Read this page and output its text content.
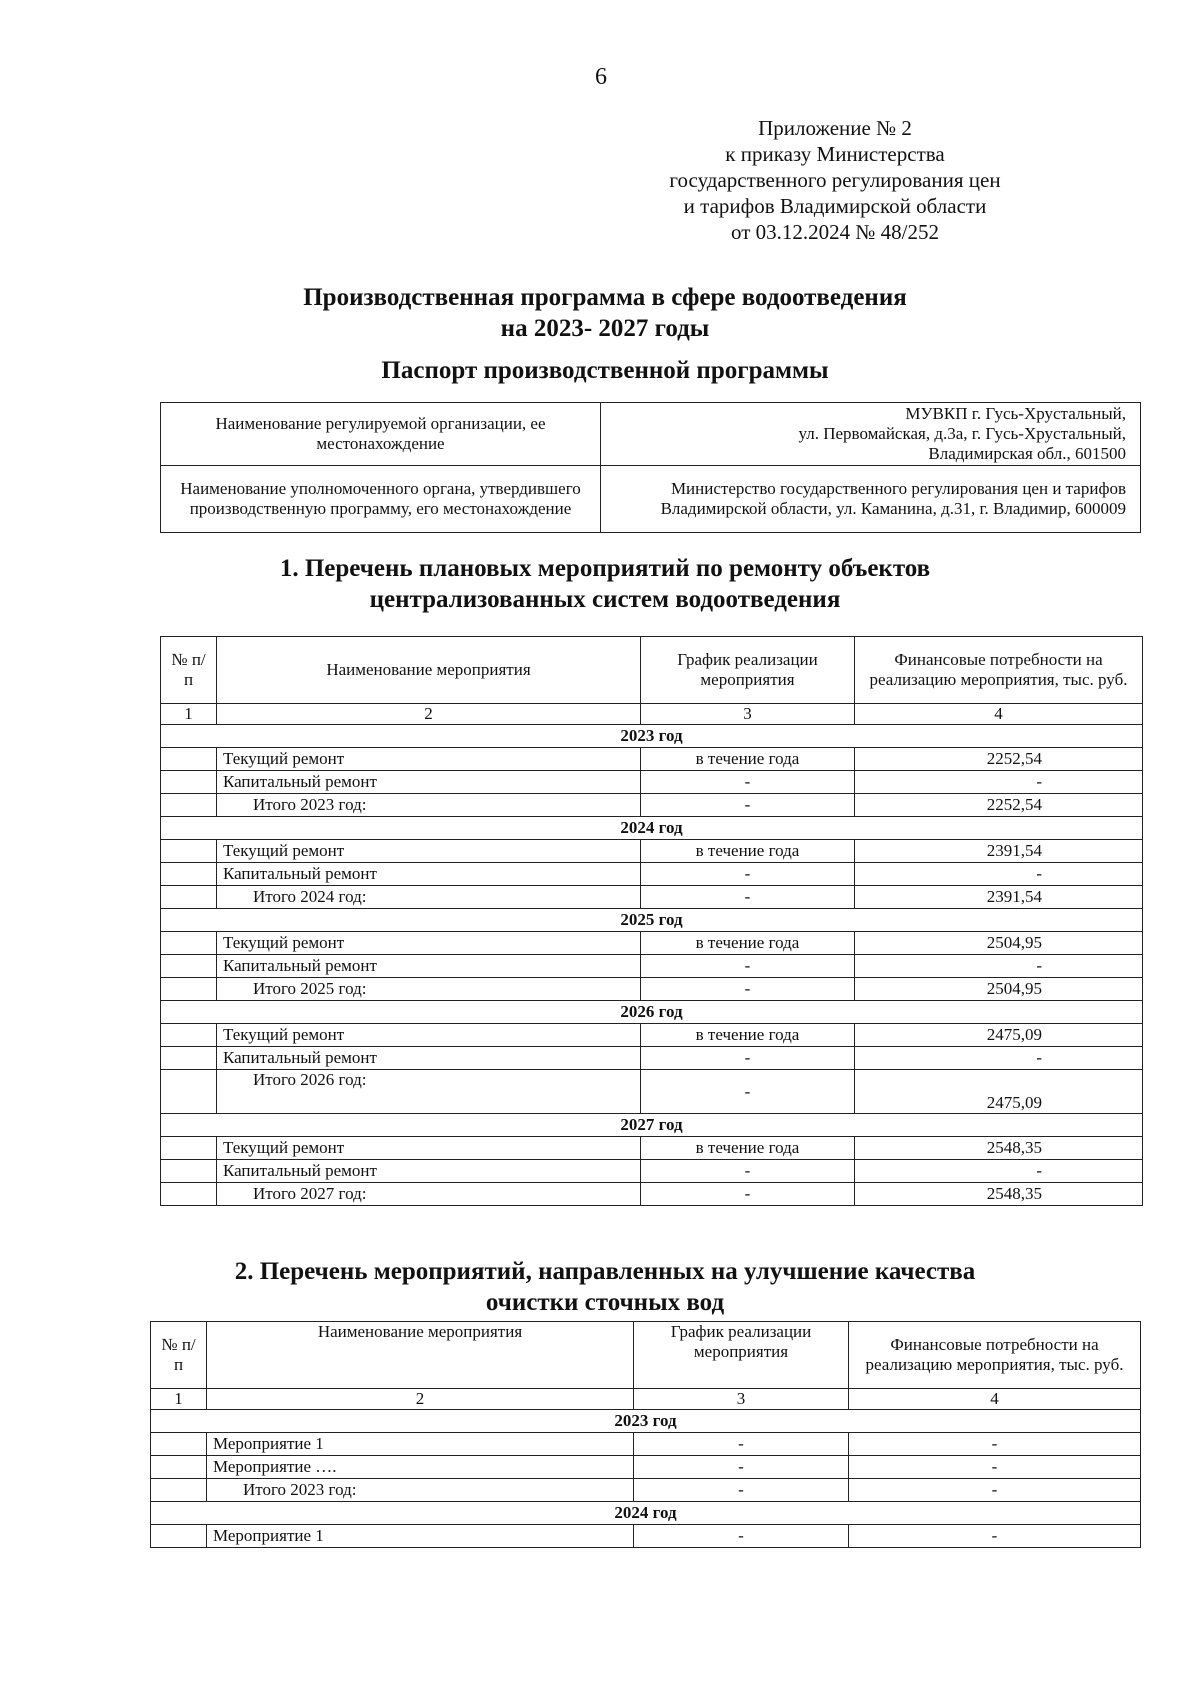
6
Приложение № 2
к приказу Министерства
государственного регулирования цен
и тарифов Владимирской области
от 03.12.2024 № 48/252
Производственная программа в сфере водоотведения
на 2023- 2027 годы
Паспорт производственной программы
Наименование регулируемой организации, ее местонахождение	МУВКП г. Гусь-Хрустальный,
ул. Первомайская, д.3а, г. Гусь-Хрустальный,
Владимирская обл., 601500

Наименование уполномоченного органа, утвердившего производственную программу, его местонахождение	Министерство государственного регулирования цен и тарифов Владимирской области, ул. Каманина, д.31, г. Владимир, 600009
1. Перечень плановых мероприятий по ремонту объектов
централизованных систем водоотведения
№ п/п	Наименование мероприятия	График реализации мероприятия	Финансовые потребности на реализацию мероприятия, тыс. руб.
1	2	3	4
2023 год			
	Текущий ремонт	в течение года	2252,54
	Капитальный ремонт	-	-
	Итого 2023 год:	-	2252,54
2024 год			
	Текущий ремонт	в течение года	2391,54
	Капитальный ремонт	-	-
	Итого 2024 год:	-	2391,54
2025 год			
	Текущий ремонт	в течение года	2504,95
	Капитальный ремонт	-	-
	Итого 2025 год:	-	2504,95
2026 год			
	Текущий ремонт	в течение года	2475,09
	Капитальный ремонт	-	-
	Итого 2026 год:	-	2475,09
2027 год			
	Текущий ремонт	в течение года	2548,35
	Капитальный ремонт	-	-
	Итого 2027 год:	-	2548,35
2. Перечень мероприятий, направленных на улучшение качества
очистки сточных вод
№ п/п	Наименование мероприятия	График реализации мероприятия	Финансовые потребности на реализацию мероприятия, тыс. руб.
1	2	3	4
2023 год			
	Мероприятие 1	-	-
	Мероприятие ….	-	-
	Итого 2023 год:	-	-
2024 год			
	Мероприятие 1	-	-
